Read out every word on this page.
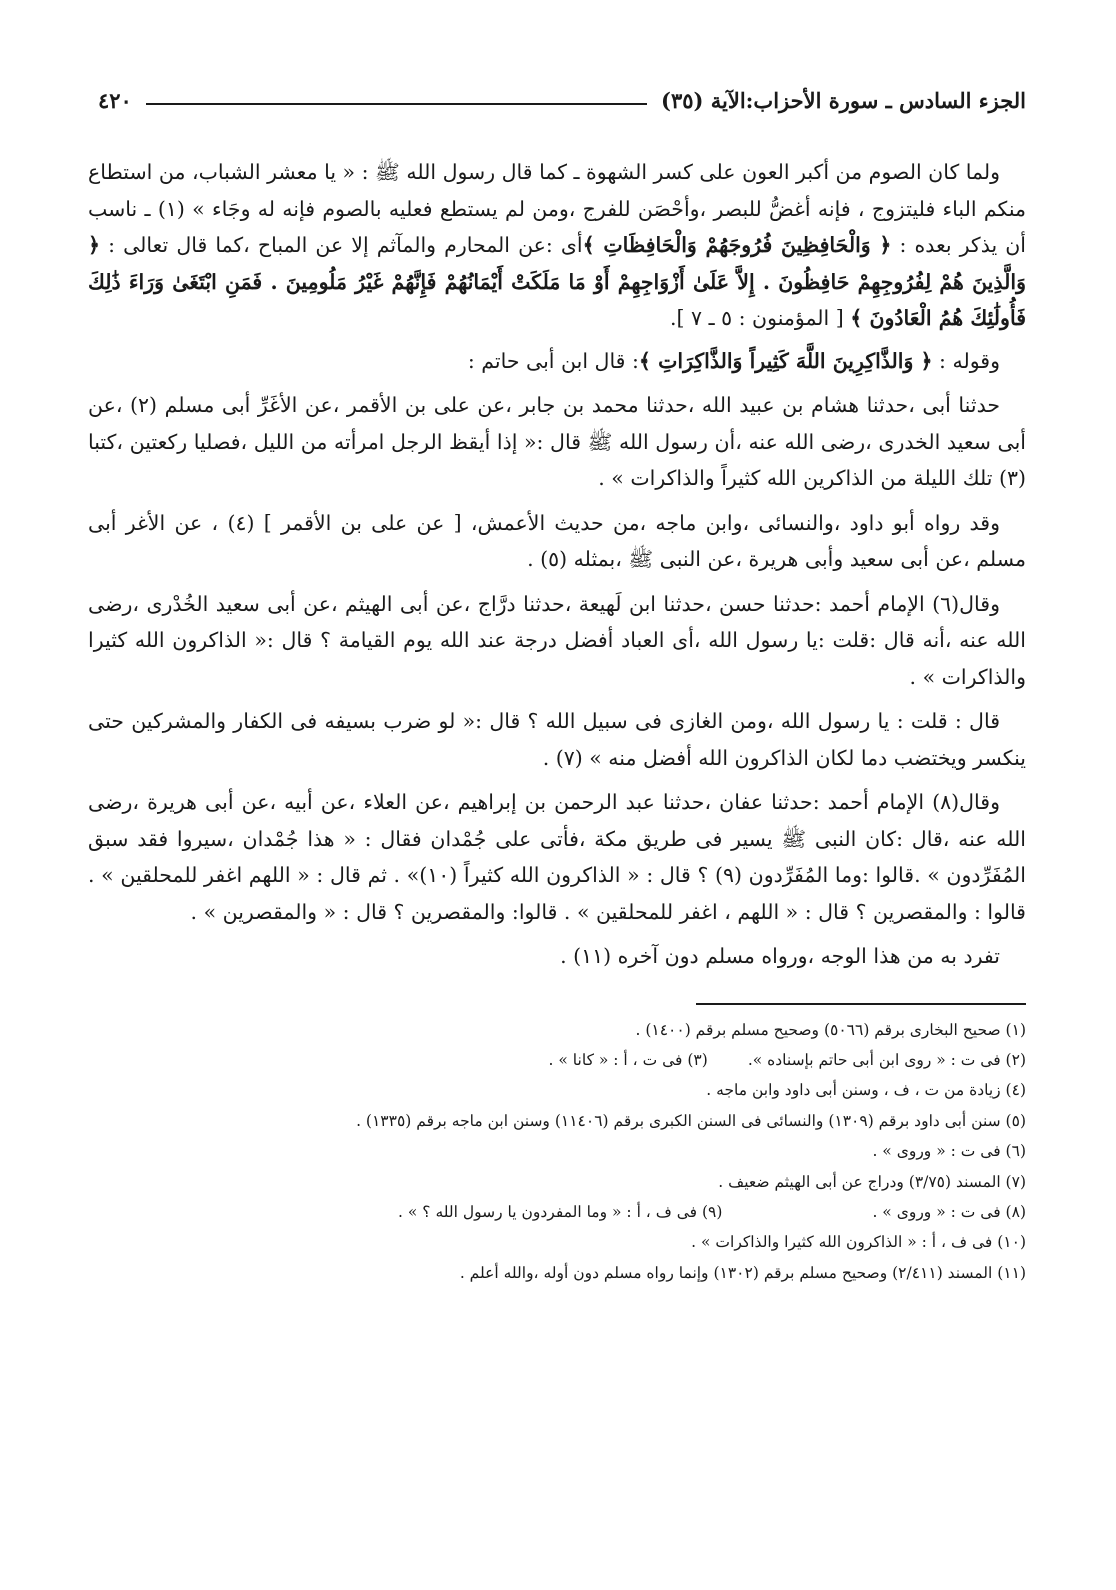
الجزء السادس ـ سورة الأحزاب:الآية (٣٥)
٤٢٠

ولما كان الصوم من أكبر العون على كسر الشهوة ـ كما قال رسول الله ﷺ : « يا معشر الشباب، من استطاع منكم الباء فليتزوج ، فإنه أغضُّ للبصر ،وأحْصَن للفرج ،ومن لم يستطع فعليه بالصوم فإنه له وجَاء » (١) ـ ناسب أن يذكر بعده : ﴿ وَالْحَافِظِينَ فُرُوجَهُمْ وَالْحَافِظَاتِ ﴾أى :عن المحارم والمآثم إلا عن المباح ،كما قال تعالى : ﴿ وَالَّذِينَ هُمْ لِفُرُوجِهِمْ حَافِظُونَ . إِلاَّ عَلَىٰ أَزْوَاجِهِمْ أَوْ مَا مَلَكَتْ أَيْمَانُهُمْ فَإِنَّهُمْ غَيْرُ مَلُومِينَ . فَمَنِ ابْتَغَىٰ وَرَاءَ ذَٰلِكَ فَأُولَٰئِكَ هُمُ الْعَادُونَ ﴾ [ المؤمنون : ٥ ـ ٧ ].

وقوله : ﴿ وَالذَّاكِرِينَ اللَّهَ كَثِيراً وَالذَّاكِرَاتِ ﴾: قال ابن أبى حاتم :

حدثنا أبى ،حدثنا هشام بن عبيد الله ،حدثنا محمد بن جابر ،عن على بن الأقمر ،عن الأغَرِّ أبى مسلم (٢) ،عن أبى سعيد الخدرى ،رضى الله عنه ،أن رسول الله ﷺ قال :« إذا أيقظ الرجل امرأته من الليل ،فصليا ركعتين ،كتبا (٣) تلك الليلة من الذاكرين الله كثيراً والذاكرات » .

وقد رواه أبو داود ،والنسائى ،وابن ماجه ،من حديث الأعمش، [ عن على بن الأقمر ] (٤) ، عن الأغر أبى مسلم ،عن أبى سعيد وأبى هريرة ،عن النبى ﷺ ،بمثله (٥) .

وقال(٦) الإمام أحمد :حدثنا حسن ،حدثنا ابن لَهيعة ،حدثنا درَّاج ،عن أبى الهيثم ،عن أبى سعيد الخُدْرى ،رضى الله عنه ،أنه قال :قلت :يا رسول الله ،أى العباد أفضل درجة عند الله يوم القيامة ؟ قال :« الذاكرون الله كثيرا والذاكرات » .

قال : قلت : يا رسول الله ،ومن الغازى فى سبيل الله ؟ قال :« لو ضرب بسيفه فى الكفار والمشركين حتى ينكسر ويختضب دما لكان الذاكرون الله أفضل منه » (٧) .

وقال(٨) الإمام أحمد :حدثنا عفان ،حدثنا عبد الرحمن بن إبراهيم ،عن العلاء ،عن أبيه ،عن أبى هريرة ،رضى الله عنه ،قال :كان النبى ﷺ يسير فى طريق مكة ،فأتى على جُمْدان فقال : « هذا جُمْدان ،سيروا فقد سبق المُفَرِّدون » .قالوا :وما المُفَرِّدون (٩) ؟ قال : « الذاكرون الله كثيراً (١٠)» . ثم قال : « اللهم اغفر للمحلقين » . قالوا : والمقصرين ؟ قال : « اللهم ، اغفر للمحلقين » . قالوا: والمقصرين ؟ قال : « والمقصرين » .

تفرد به من هذا الوجه ،ورواه مسلم دون آخره (١١) .

(١) صحيح البخارى برقم (٥٠٦٦) وصحيح مسلم برقم (١٤٠٠) .
(٢) فى ت : « روى ابن أبى حاتم بإسناده ».(٣) فى ت ، أ : « كانا » .
(٤) زيادة من ت ، ف ، وسنن أبى داود وابن ماجه .
(٥) سنن أبى داود برقم (١٣٠٩) والنسائى فى السنن الكبرى برقم (١١٤٠٦) وسنن ابن ماجه برقم (١٣٣٥) .
(٦) فى ت : « وروى » .
(٧) المسند (٣/٧٥) ودراج عن أبى الهيثم ضعيف .
(٨) فى ت : « وروى » .(٩) فى ف ، أ : « وما المفردون يا رسول الله ؟ » .
(١٠) فى ف ، أ : « الذاكرون الله كثيرا والذاكرات » .
(١١) المسند (٢/٤١١) وصحيح مسلم برقم (١٣٠٢) وإنما رواه مسلم دون أوله ،والله أعلم .
